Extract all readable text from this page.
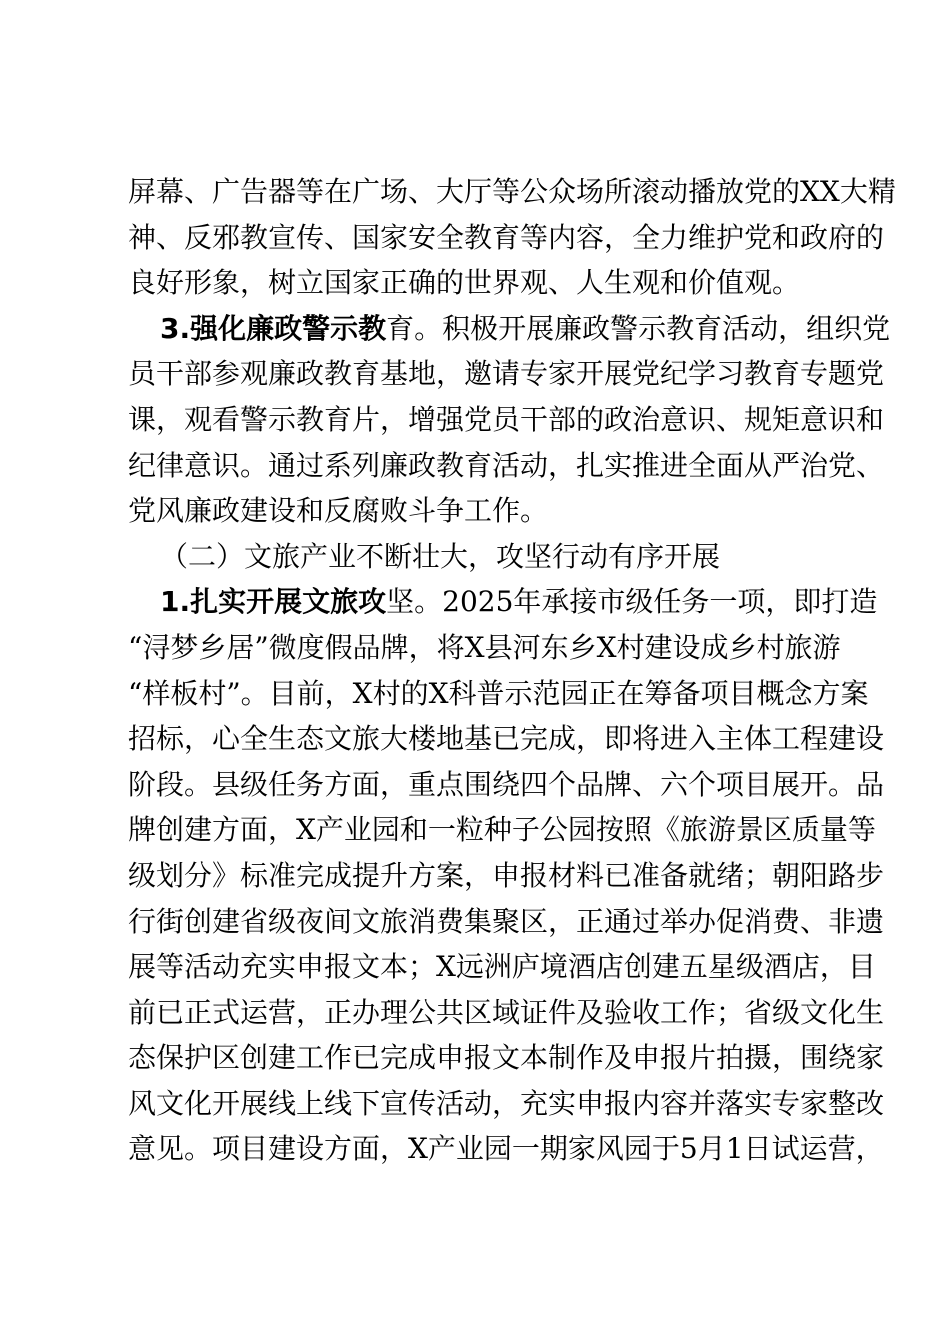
屏幕、广告器等在广场、大厅等公众场所滚动播放党的XX大精
神、反邪教宣传、国家安全教育等内容，全力维护党和政府的
良好形象，树立国家正确的世界观、人生观和价值观。
3.强化廉政警示教育。积极开展廉政警示教育活动，组织党
员干部参观廉政教育基地，邀请专家开展党纪学习教育专题党
课，观看警示教育片，增强党员干部的政治意识、规矩意识和
纪律意识。通过系列廉政教育活动，扎实推进全面从严治党、
党风廉政建设和反腐败斗争工作。
（二）文旅产业不断壮大，攻坚行动有序开展
1.扎实开展文旅攻坚。2025年承接市级任务一项，即打造
“浔梦乡居”微度假品牌，将X县河东乡X村建设成乡村旅游
“样板村”。目前，X村的X科普示范园正在筹备项目概念方案
招标，心全生态文旅大楼地基已完成，即将进入主体工程建设
阶段。县级任务方面，重点围绕四个品牌、六个项目展开。品
牌创建方面，X产业园和一粒种子公园按照《旅游景区质量等
级划分》标准完成提升方案，申报材料已准备就绪；朝阳路步
行街创建省级夜间文旅消费集聚区，正通过举办促消费、非遗
展等活动充实申报文本；X远洲庐境酒店创建五星级酒店，目
前已正式运营，正办理公共区域证件及验收工作；省级文化生
态保护区创建工作已完成申报文本制作及申报片拍摄，围绕家
风文化开展线上线下宣传活动，充实申报内容并落实专家整改
意见。项目建设方面，X产业园一期家风园于5月1日试运营，
